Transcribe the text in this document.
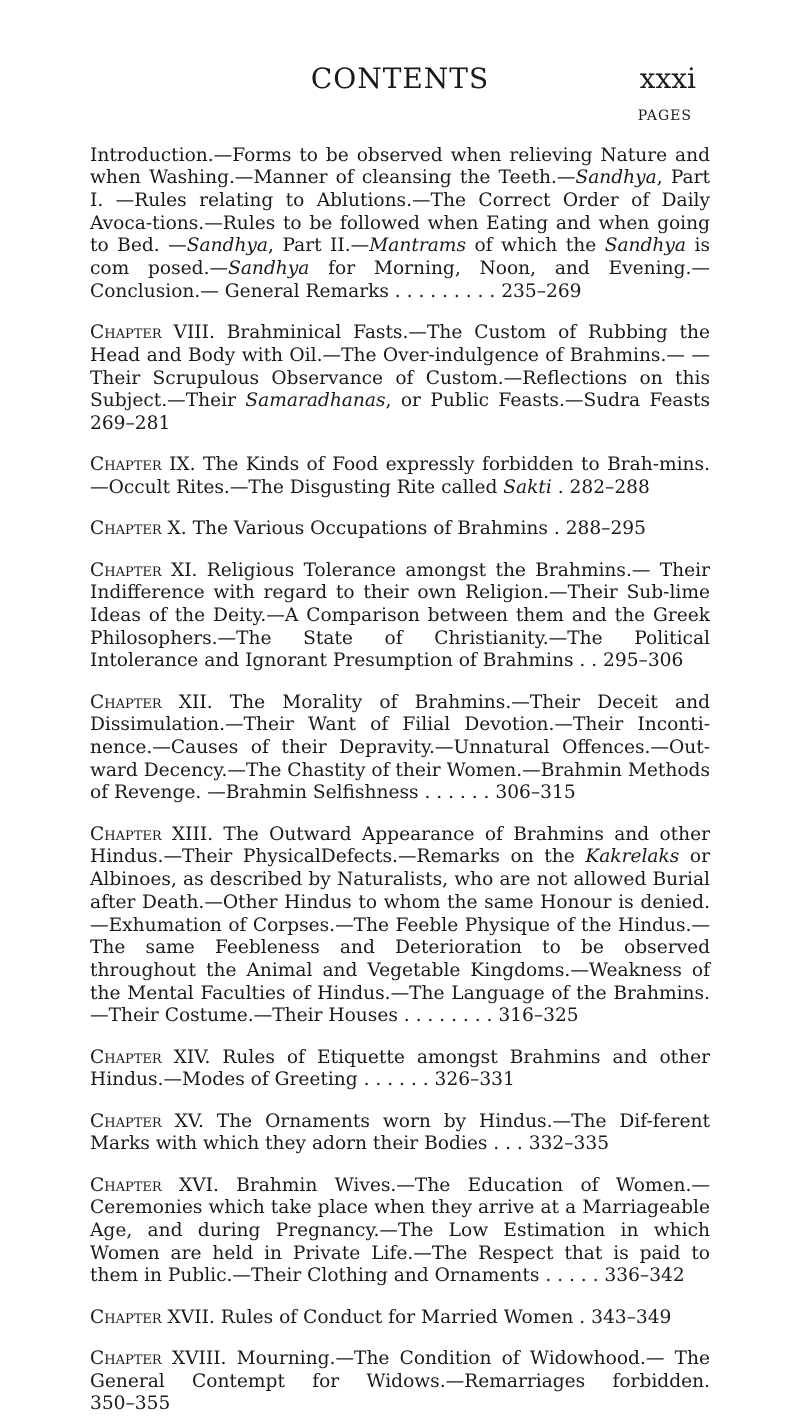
CONTENTS	xxxi
PAGES

Introduction.—Forms to be observed when relieving Nature and when Washing.—Manner of cleansing the Teeth.—Sandhya, Part I. —Rules relating to Ablutions.—The Correct Order of Daily Avoca-tions.—Rules to be followed when Eating and when going to Bed. —Sandhya, Part II.—Mantrams of which the Sandhya is com posed.—Sandhya for Morning, Noon, and Evening.—Conclusion.— General Remarks . . . . . . . . . 235–269

Chapter VIII. Brahminical Fasts.—The Custom of Rubbing the Head and Body with Oil.—The Over-indulgence of Brahmins.— —Their Scrupulous Observance of Custom.—Reflections on this Subject.—Their Samaradhanas, or Public Feasts.—Sudra Feasts 269–281

Chapter IX. The Kinds of Food expressly forbidden to Brah-mins.—Occult Rites.—The Disgusting Rite called Sakti . 282–288

Chapter X. The Various Occupations of Brahmins . 288–295

Chapter XI. Religious Tolerance amongst the Brahmins.— Their Indifference with regard to their own Religion.—Their Sub-lime Ideas of the Deity.—A Comparison between them and the Greek Philosophers.—The State of Christianity.—The Political Intolerance and Ignorant Presumption of Brahmins . . 295–306

Chapter XII. The Morality of Brahmins.—Their Deceit and Dissimulation.—Their Want of Filial Devotion.—Their Inconti-nence.—Causes of their Depravity.—Unnatural Offences.—Out-ward Decency.—The Chastity of their Women.—Brahmin Methods of Revenge. —Brahmin Selfishness . . . . . . 306–315

Chapter XIII. The Outward Appearance of Brahmins and other Hindus.—Their PhysicalDefects.—Remarks on the Kakrelaks or Albinoes, as described by Naturalists, who are not allowed Burial after Death.—Other Hindus to whom the same Honour is denied. —Exhumation of Corpses.—The Feeble Physique of the Hindus.— The same Feebleness and Deterioration to be observed throughout the Animal and Vegetable Kingdoms.—Weakness of the Mental Faculties of Hindus.—The Language of the Brahmins.—Their Costume.—Their Houses . . . . . . . . 316–325

Chapter XIV. Rules of Etiquette amongst Brahmins and other Hindus.—Modes of Greeting . . . . . . 326–331

Chapter XV. The Ornaments worn by Hindus.—The Dif-ferent Marks with which they adorn their Bodies . . . 332–335

Chapter XVI. Brahmin Wives.—The Education of Women.— Ceremonies which take place when they arrive at a Marriageable Age, and during Pregnancy.—The Low Estimation in which Women are held in Private Life.—The Respect that is paid to them in Public.—Their Clothing and Ornaments . . . . . 336–342

Chapter XVII. Rules of Conduct for Married Women . 343–349

Chapter XVIII. Mourning.—The Condition of Widowhood.— The General Contempt for Widows.—Remarriages forbidden. 350–355
